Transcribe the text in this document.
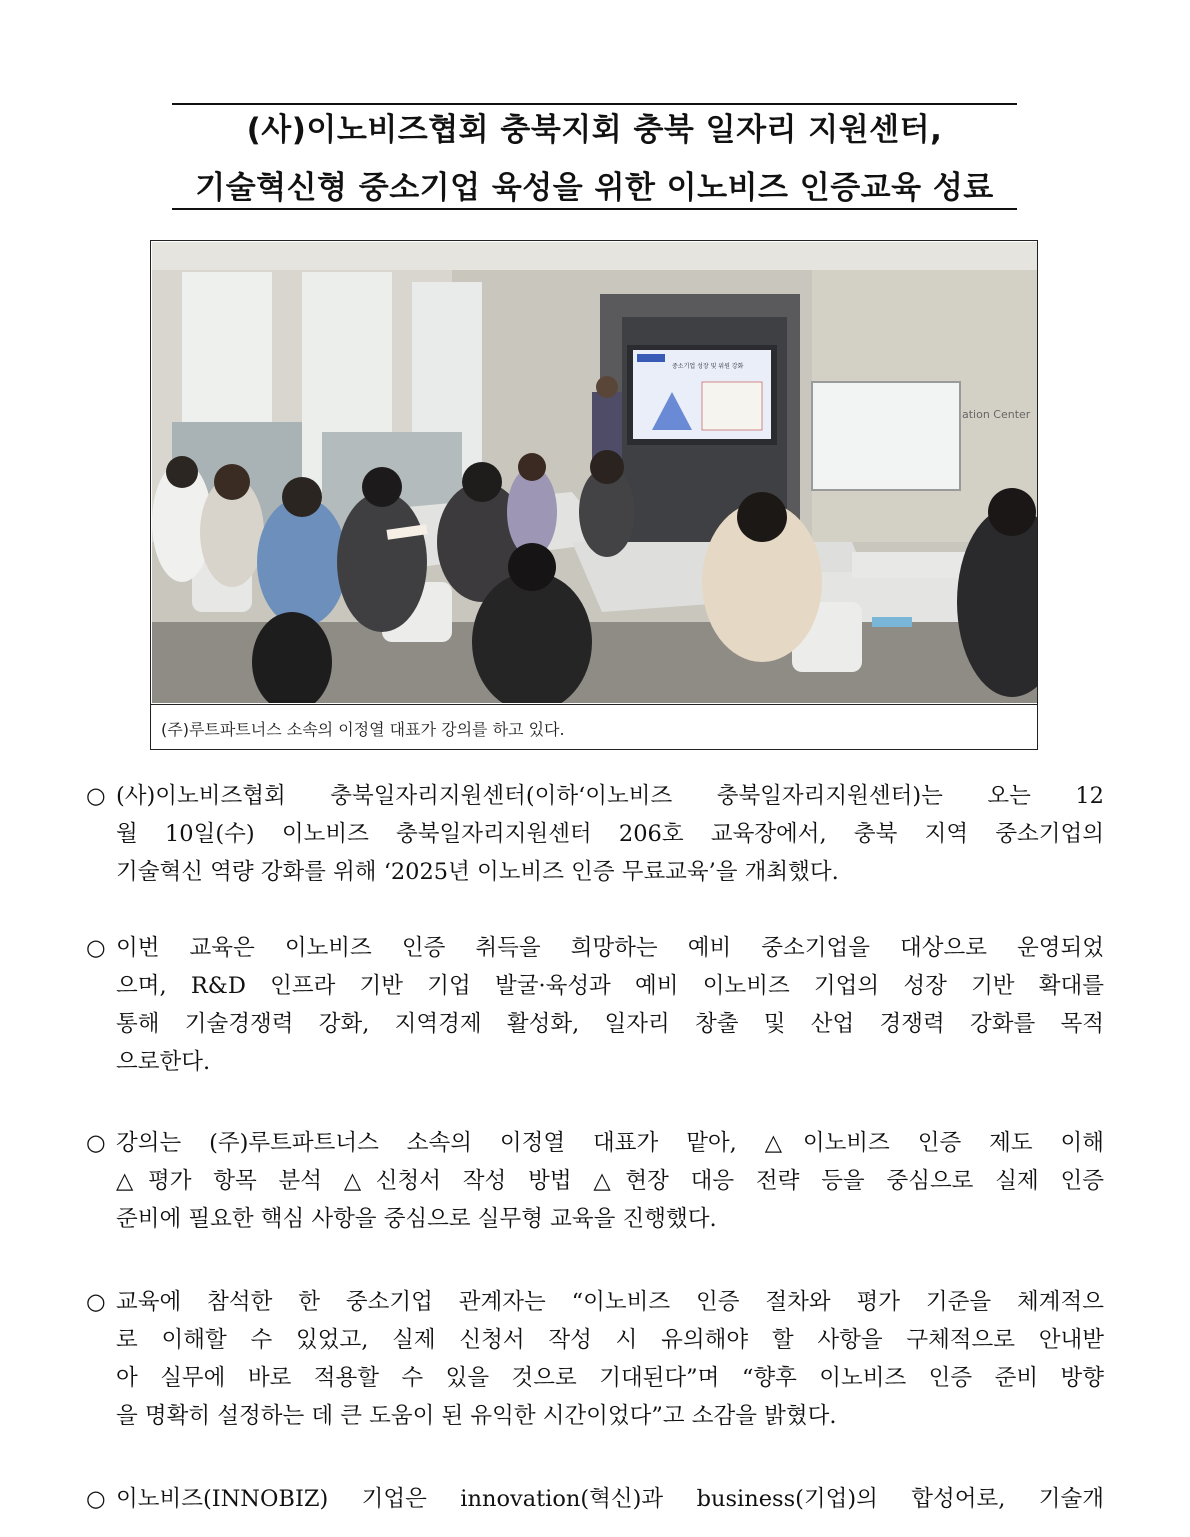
(사)이노비즈협회 충북지회 충북 일자리 지원센터,
기술혁신형 중소기업 육성을 위한 이노비즈 인증교육 성료
중소기업 성장 및 위원 강화
ation Center
(주)루트파트너스 소속의 이정열 대표가 강의를 하고 있다.
○ (사)이노비즈협회 충북일자리지원센터(이하‘이노비즈 충북일자리지원센터)는 오는 12
월 10일(수) 이노비즈 충북일자리지원센터 206호 교육장에서, 충북 지역 중소기업의
기술혁신 역량 강화를 위해 ‘2025년 이노비즈 인증 무료교육’을 개최했다.
○ 이번 교육은 이노비즈 인증 취득을 희망하는 예비 중소기업을 대상으로 운영되었
으며, R&D 인프라 기반 기업 발굴·육성과 예비 이노비즈 기업의 성장 기반 확대를
통해 기술경쟁력 강화, 지역경제 활성화, 일자리 창출 및 산업 경쟁력 강화를 목적
으로한다.
○ 강의는 (주)루트파트너스 소속의 이정열 대표가 맡아, △이노비즈 인증 제도 이해
△평가 항목 분석 △신청서 작성 방법 △현장 대응 전략 등을 중심으로 실제 인증
준비에 필요한 핵심 사항을 중심으로 실무형 교육을 진행했다.
○ 교육에 참석한 한 중소기업 관계자는 “이노비즈 인증 절차와 평가 기준을 체계적으
로 이해할 수 있었고, 실제 신청서 작성 시 유의해야 할 사항을 구체적으로 안내받
아 실무에 바로 적용할 수 있을 것으로 기대된다”며 “향후 이노비즈 인증 준비 방향
을 명확히 설정하는 데 큰 도움이 된 유익한 시간이었다”고 소감을 밝혔다.
○ 이노비즈(INNOBIZ) 기업은 innovation(혁신)과 business(기업)의 합성어로, 기술개
